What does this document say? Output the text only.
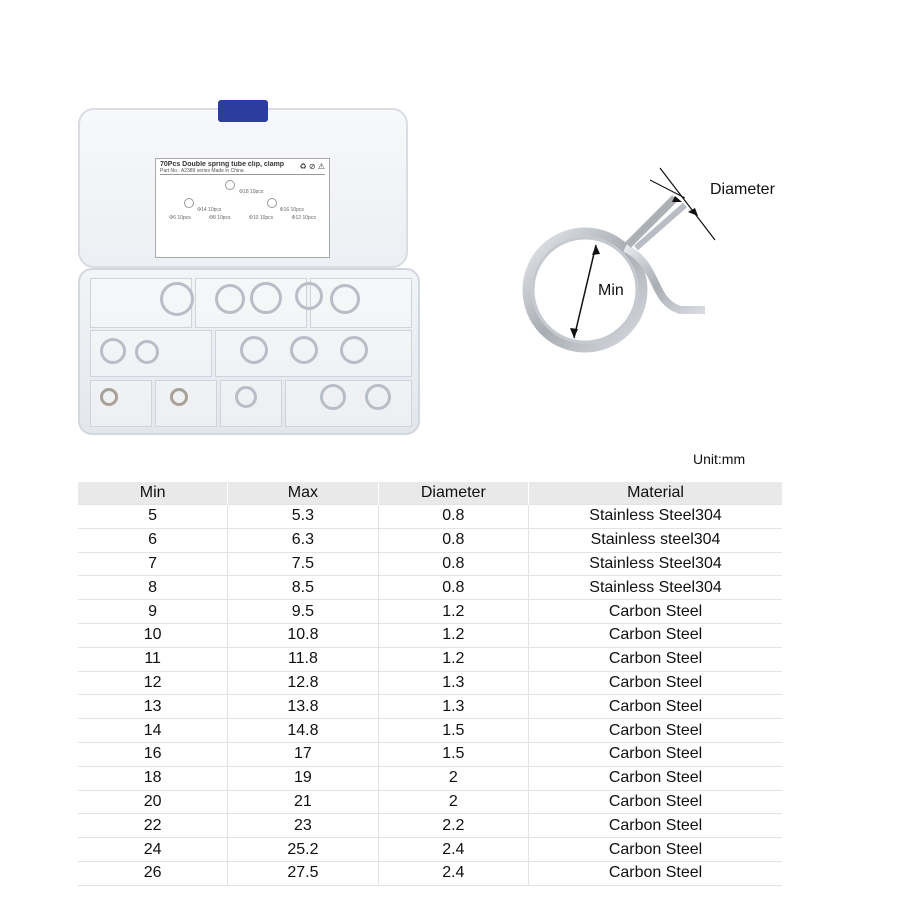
70Pcs Double spring tube clip, clamp
Part No.: A2389 series Made in China	♻ ⊘ ⚠
Φ18 10pcs
Φ14 10pcs	Φ16 10pcs
Φ6 10pcs	Φ8 10pcs	Φ10 10pcs	Φ12 10pcs
Diameter
Min
Unit:mm
Min	Max	Diameter	Material
5	5.3	0.8	Stainless Steel304
6	6.3	0.8	Stainless steel304
7	7.5	0.8	Stainless Steel304
8	8.5	0.8	Stainless Steel304
9	9.5	1.2	Carbon Steel
10	10.8	1.2	Carbon Steel
11	11.8	1.2	Carbon Steel
12	12.8	1.3	Carbon Steel
13	13.8	1.3	Carbon Steel
14	14.8	1.5	Carbon Steel
16	17	1.5	Carbon Steel
18	19	2	Carbon Steel
20	21	2	Carbon Steel
22	23	2.2	Carbon Steel
24	25.2	2.4	Carbon Steel
26	27.5	2.4	Carbon Steel
